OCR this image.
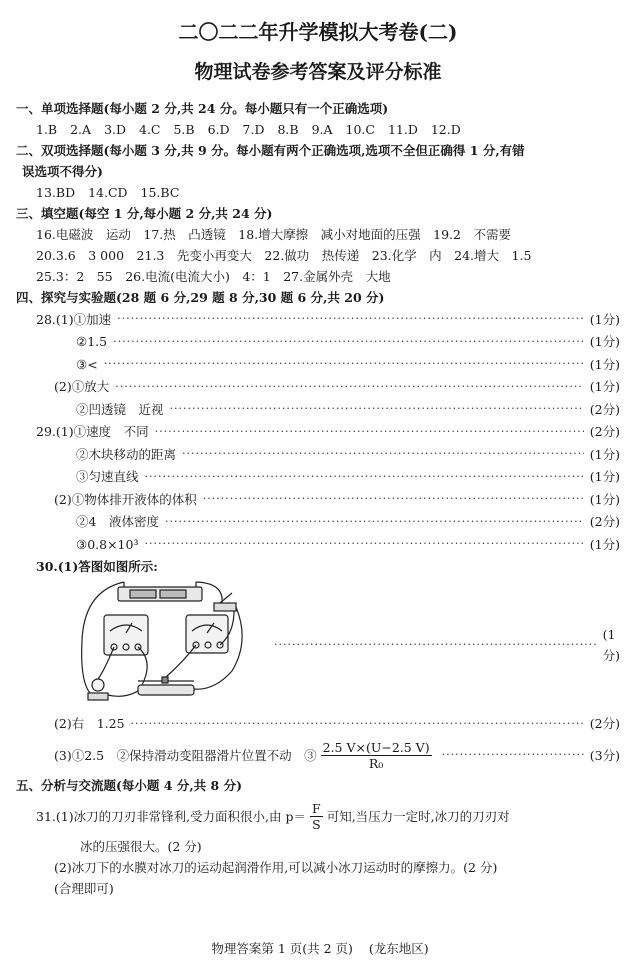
二〇二二年升学模拟大考卷(二)

物理试卷参考答案及评分标准

一、单项选择题(每小题 2 分,共 24 分。每小题只有一个正确选项)

1.B 2.A 3.D 4.C 5.B 6.D 7.D 8.B 9.A 10.C 11.D 12.D

二、双项选择题(每小题 3 分,共 9 分。每小题有两个正确选项,选项不全但正确得 1 分,有错

误选项不得分)

13.BD 14.CD 15.BC

三、填空题(每空 1 分,每小题 2 分,共 24 分)

16.电磁波　运动　17.热　凸透镜　18.增大摩擦　减小对地面的压强　19.2　不需要

20.3.6　3 000　21.3　先变小再变大　22.做功　热传递　23.化学　内　24.增大　1.5

25.3：2　55　26.电流(电流大小)　4：1　27.金属外壳　大地

四、探究与实验题(28 题 6 分,29 题 8 分,30 题 6 分,共 20 分)

28.(1)①加速 ·····	(1分)
②1.5 ·····	(1分)
③< ·····	(1分)
(2)①放大 ·····	(1分)
②凹透镜　近视 ·····	(2分)
29.(1)①速度　不同 ·····	(2分)
②木块移动的距离 ·····	(1分)
③匀速直线 ·····	(1分)
(2)①物体排开液体的体积 ·····	(1分)
②4　液体密度 ·····	(2分)
③0.8×10³ ·····	(1分)

30.(1)答图如图所示:

·····
(1分)
(2)右　1.25 ·····	(2分)
(3)①2.5　②保持滑动变阻器滑片位置不动　③ $\frac{2.5 V\times(U-2.5 V)}{\text{R₀}}$ ·····	(3分)

五、分析与交流题(每小题 4 分,共 8 分)

31.(1)冰刀的刀刃非常锋利,受力面积很小,由 $p= \frac{F}{S}$ 可知,当压力一定时,冰刀的刀刃对

冰的压强很大。(2 分)

(2)冰刀下的水膜对冰刀的运动起润滑作用,可以减小冰刀运动时的摩擦力。(2 分)

(合理即可)

物理答案第 1 页(共 2 页) (龙东地区)
